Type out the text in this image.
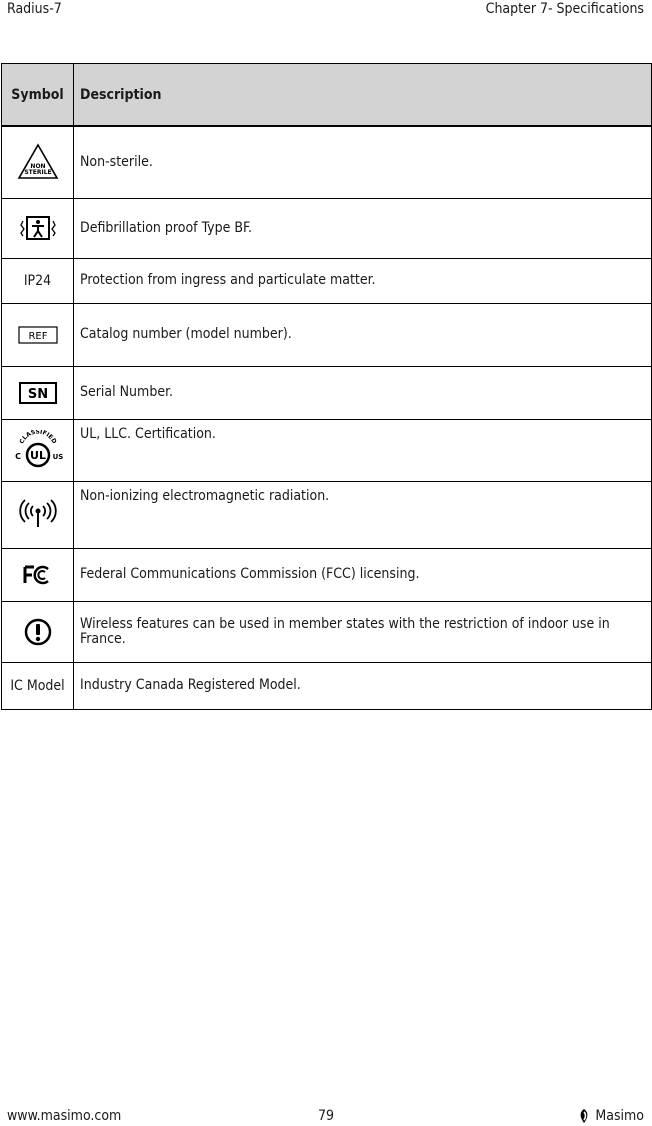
Radius-7	Chapter 7- Specifications
Symbol	Description

NON
STERILE	Non-sterile.
	Defibrillation proof Type BF.
IP24	Protection from ingress and particulate matter.

REF	Catalog number (model number).

SN	Serial Number.

CLASSIFIED
UL
C US	UL, LLC. Certification.
	Non-ionizing electromagnetic radiation.
	Federal Communications Commission (FCC) licensing.
	Wireless features can be used in member states with the restriction of indoor use in France.
IC Model	Industry Canada Registered Model.
www.masimo.com	79	Masimo
